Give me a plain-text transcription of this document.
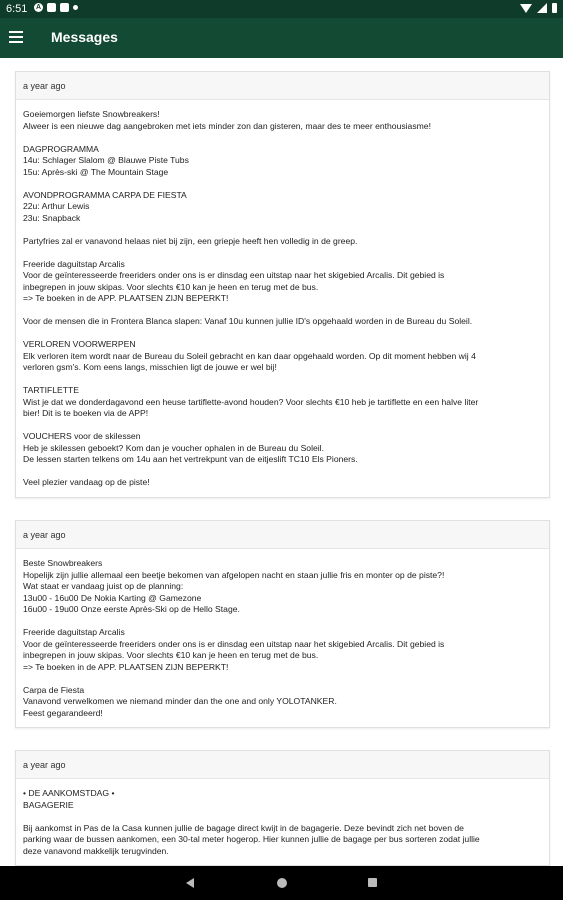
6:51 A
Messages
a year ago
Goeiemorgen liefste Snowbreakers!
Alweer is een nieuwe dag aangebroken met iets minder zon dan gisteren, maar des te meer enthousiasme!
DAGPROGRAMMA
14u: Schlager Slalom @ Blauwe Piste Tubs
15u: Après-ski @ The Mountain Stage
AVONDPROGRAMMA CARPA DE FIESTA
22u: Arthur Lewis
23u: Snapback
Partyfries zal er vanavond helaas niet bij zijn, een griepje heeft hen volledig in de greep.
Freeride daguitstap Arcalis
Voor de geïnteresseerde freeriders onder ons is er dinsdag een uitstap naar het skigebied Arcalis. Dit gebied is
inbegrepen in jouw skipas. Voor slechts €10 kan je heen en terug met de bus.
=> Te boeken in de APP. PLAATSEN ZIJN BEPERKT!
Voor de mensen die in Frontera Blanca slapen: Vanaf 10u kunnen jullie ID's opgehaald worden in de Bureau du Soleil.
VERLOREN VOORWERPEN
Elk verloren item wordt naar de Bureau du Soleil gebracht en kan daar opgehaald worden. Op dit moment hebben wij 4
verloren gsm's. Kom eens langs, misschien ligt de jouwe er wel bij!
TARTIFLETTE
Wist je dat we donderdagavond een heuse tartiflette-avond houden? Voor slechts €10 heb je tartiflette en een halve liter
bier! Dit is te boeken via de APP!
VOUCHERS voor de skilessen
Heb je skilessen geboekt? Kom dan je voucher ophalen in de Bureau du Soleil.
De lessen starten telkens om 14u aan het vertrekpunt van de eitjeslift TC10 Els Pioners.
Veel plezier vandaag op de piste!
a year ago
Beste Snowbreakers
Hopelijk zijn jullie allemaal een beetje bekomen van afgelopen nacht en staan jullie fris en monter op de piste?!
Wat staat er vandaag juist op de planning:
13u00 - 16u00 De Nokia Karting @ Gamezone
16u00 - 19u00 Onze eerste Après-Ski op de Hello Stage.
Freeride daguitstap Arcalis
Voor de geïnteresseerde freeriders onder ons is er dinsdag een uitstap naar het skigebied Arcalis. Dit gebied is
inbegrepen in jouw skipas. Voor slechts €10 kan je heen en terug met de bus.
=> Te boeken in de APP. PLAATSEN ZIJN BEPERKT!
Carpa de Fiesta
Vanavond verwelkomen we niemand minder dan the one and only YOLOTANKER.
Feest gegarandeerd!
a year ago
• DE AANKOMSTDAG •
BAGAGERIE
Bij aankomst in Pas de la Casa kunnen jullie de bagage direct kwijt in de bagagerie. Deze bevindt zich net boven de
parking waar de bussen aankomen, een 30-tal meter hogerop. Hier kunnen jullie de bagage per bus sorteren zodat jullie
deze vanavond makkelijk terugvinden.
